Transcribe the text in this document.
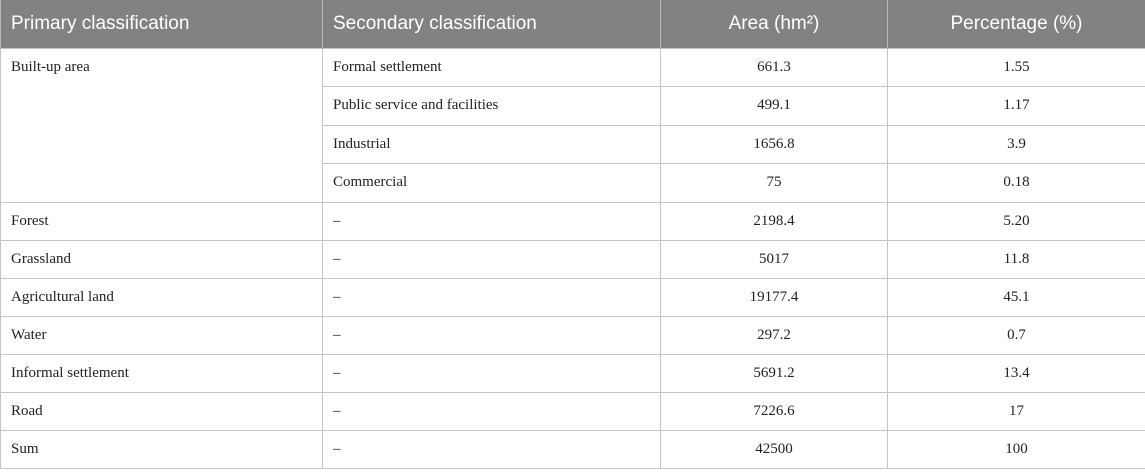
Primary classification	Secondary classification	Area (hm²)	Percentage (%)
Built-up area	Formal settlement	661.3	1.55
	Public service and facilities	499.1	1.17
	Industrial	1656.8	3.9
	Commercial	75	0.18
Forest	–	2198.4	5.20
Grassland	–	5017	11.8
Agricultural land	–	19177.4	45.1
Water	–	297.2	0.7
Informal settlement	–	5691.2	13.4
Road	–	7226.6	17
Sum	–	42500	100
